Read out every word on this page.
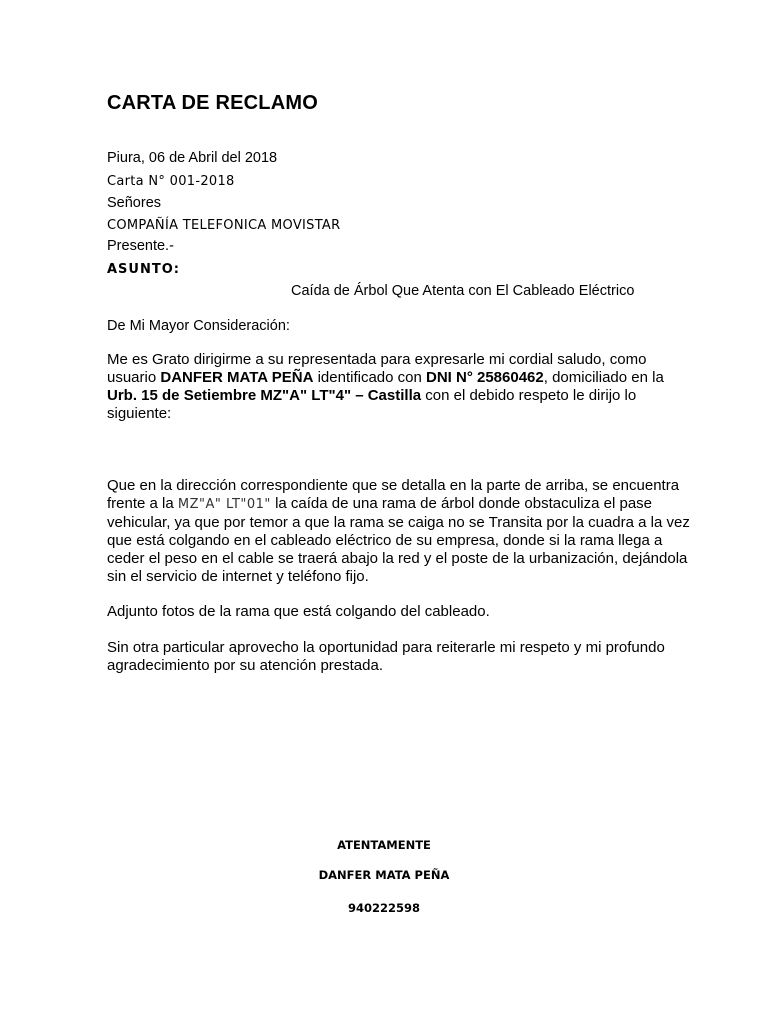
CARTA DE RECLAMO
Piura, 06 de Abril del 2018
Carta N° 001-2018
Señores
COMPAÑÍA TELEFONICA MOVISTAR
Presente.-
ASUNTO:
Caída de Árbol Que Atenta con El Cableado Eléctrico
De Mi Mayor Consideración:
Me es Grato dirigirme a su representada para expresarle mi cordial saludo, como usuario DANFER MATA PEÑA identificado con DNI N° 25860462, domiciliado en la Urb. 15 de Setiembre MZ"A" LT"4" – Castilla con el debido respeto le dirijo lo siguiente:
Que en la dirección correspondiente que se detalla en la parte de arriba, se encuentra frente a la MZ"A" LT"01" la caída de una rama de árbol donde obstaculiza el pase vehicular, ya que por temor a que la rama se caiga no se Transita por la cuadra a la vez que está colgando en el cableado eléctrico de su empresa, donde si la rama llega a ceder el peso en el cable se traerá abajo la red y el poste de la urbanización, dejándola sin el servicio de internet y teléfono fijo.
Adjunto fotos de la rama que está colgando del cableado.
Sin otra particular aprovecho la oportunidad para reiterarle mi respeto y mi profundo agradecimiento por su atención prestada.
ATENTAMENTE
DANFER MATA PEÑA
940222598
